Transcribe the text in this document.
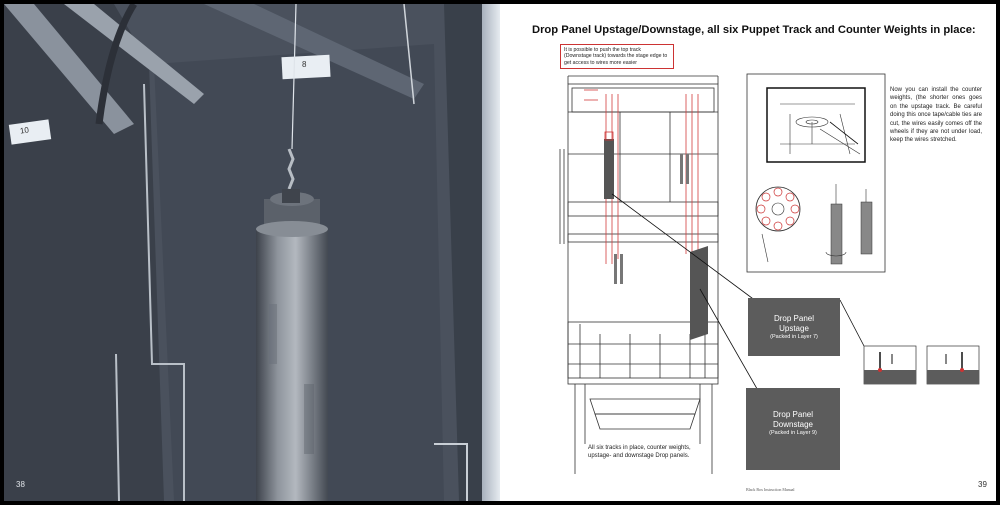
38
Drop Panel Upstage/Downstage, all six Puppet Track and Counter Weights in place:
It is possible to push the top track (Downstage track) towards the stage edge to get access to wires more easier
Now you can install the counter weights, (the shorter ones goes on the upstage track. Be careful doing this once tape/cable ties are cut, the wires easily comes off the wheels if they are not under load, keep the wires stretched.
Drop Panel
Upstage
(Packed in Layer 7)
Drop Panel
Downstage
(Packed in Layer 9)
All six tracks in place, counter weights, upstage- and downstage Drop panels.
Black Box Instruction Manual
39
10
8
